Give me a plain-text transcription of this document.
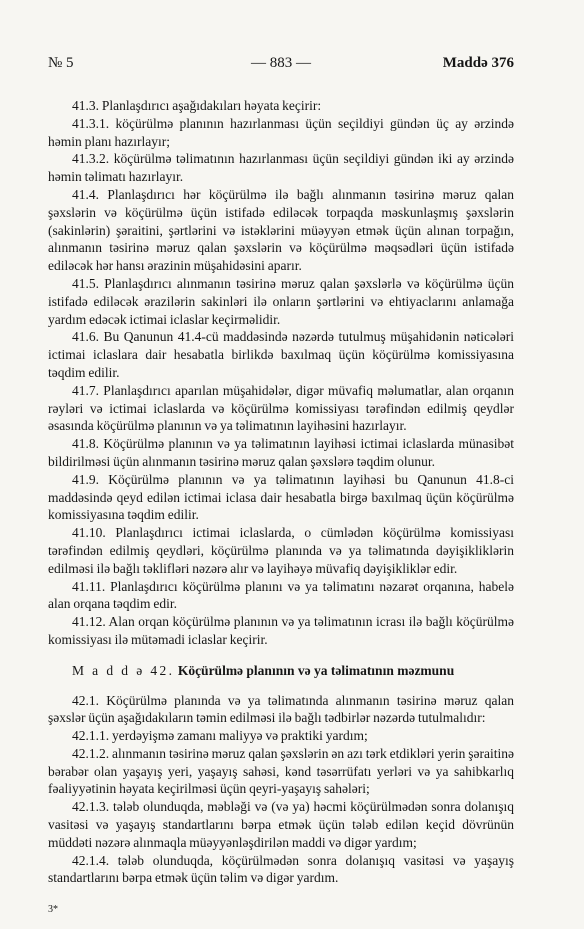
№ 5	— 883 —	Maddə 376

41.3. Planlaşdırıcı aşağıdakıları həyata keçirir:

41.3.1. köçürülmə planının hazırlanması üçün seçildiyi gündən üç ay ərzində həmin planı hazırlayır;

41.3.2. köçürülmə təlimatının hazırlanması üçün seçildiyi gündən iki ay ərzində həmin təlimatı hazırlayır.

41.4. Planlaşdırıcı hər köçürülmə ilə bağlı alınmanın təsirinə məruz qalan şəxslərin və köçürülmə üçün istifadə ediləcək torpaqda məskunlaşmış şəxslərin (sakinlərin) şəraitini, şərtlərini və istəklərini müəyyən etmək üçün alınan torpağın, alınmanın təsirinə məruz qalan şəxslərin və köçürülmə məqsədləri üçün istifadə ediləcək hər hansı ərazinin müşahidəsini aparır.

41.5. Planlaşdırıcı alınmanın təsirinə məruz qalan şəxslərlə və köçürülmə üçün istifadə ediləcək ərazilərin sakinləri ilə onların şərtlərini və ehtiyaclarını anlamağa yardım edəcək ictimai iclaslar keçirməlidir.

41.6. Bu Qanunun 41.4-cü maddəsində nəzərdə tutulmuş müşahidənin nəticələri ictimai iclaslara dair hesabatla birlikdə baxılmaq üçün köçürülmə komissiyasına təqdim edilir.

41.7. Planlaşdırıcı aparılan müşahidələr, digər müvafiq məlumatlar, alan orqanın rəyləri və ictimai iclaslarda və köçürülmə komissiyası tərəfindən edilmiş qeydlər əsasında köçürülmə planının və ya təlimatının layihəsini hazırlayır.

41.8. Köçürülmə planının və ya təlimatının layihəsi ictimai iclaslarda münasibət bildirilməsi üçün alınmanın təsirinə məruz qalan şəxslərə təqdim olunur.

41.9. Köçürülmə planının və ya təlimatının layihəsi bu Qanunun 41.8-ci maddəsində qeyd edilən ictimai iclasa dair hesabatla birgə baxılmaq üçün köçürülmə komissiyasına təqdim edilir.

41.10. Planlaşdırıcı ictimai iclaslarda, o cümlədən köçürülmə komissiyası tərəfindən edilmiş qeydləri, köçürülmə planında və ya təlimatında dəyişikliklərin edilməsi ilə bağlı təklifləri nəzərə alır və layihəyə müvafiq dəyişikliklər edir.

41.11. Planlaşdırıcı köçürülmə planını və ya təlimatını nəzarət orqanına, habelə alan orqana təqdim edir.

41.12. Alan orqan köçürülmə planının və ya təlimatının icrası ilə bağlı köçürülmə komissiyası ilə mütəmadi iclaslar keçirir.

M a d d ə 42. Köçürülmə planının və ya təlimatının məzmunu

42.1. Köçürülmə planında və ya təlimatında alınmanın təsirinə məruz qalan şəxslər üçün aşağıdakıların təmin edilməsi ilə bağlı tədbirlər nəzərdə tutulmalıdır:

42.1.1. yerdəyişmə zamanı maliyyə və praktiki yardım;

42.1.2. alınmanın təsirinə məruz qalan şəxslərin ən azı tərk etdikləri yerin şəraitinə bərabər olan yaşayış yeri, yaşayış sahəsi, kənd təsərrüfatı yerləri və ya sahibkarlıq fəaliyyətinin həyata keçirilməsi üçün qeyri-yaşayış sahələri;

42.1.3. tələb olunduqda, məbləği və (və ya) həcmi köçürülmədən sonra dolanışıq vasitəsi və yaşayış standartlarını bərpa etmək üçün tələb edilən keçid dövrünün müddəti nəzərə alınmaqla müəyyənləşdirilən maddi və digər yardım;

42.1.4. tələb olunduqda, köçürülmədən sonra dolanışıq vasitəsi və yaşayış standartlarını bərpa etmək üçün təlim və digər yardım.

3*
